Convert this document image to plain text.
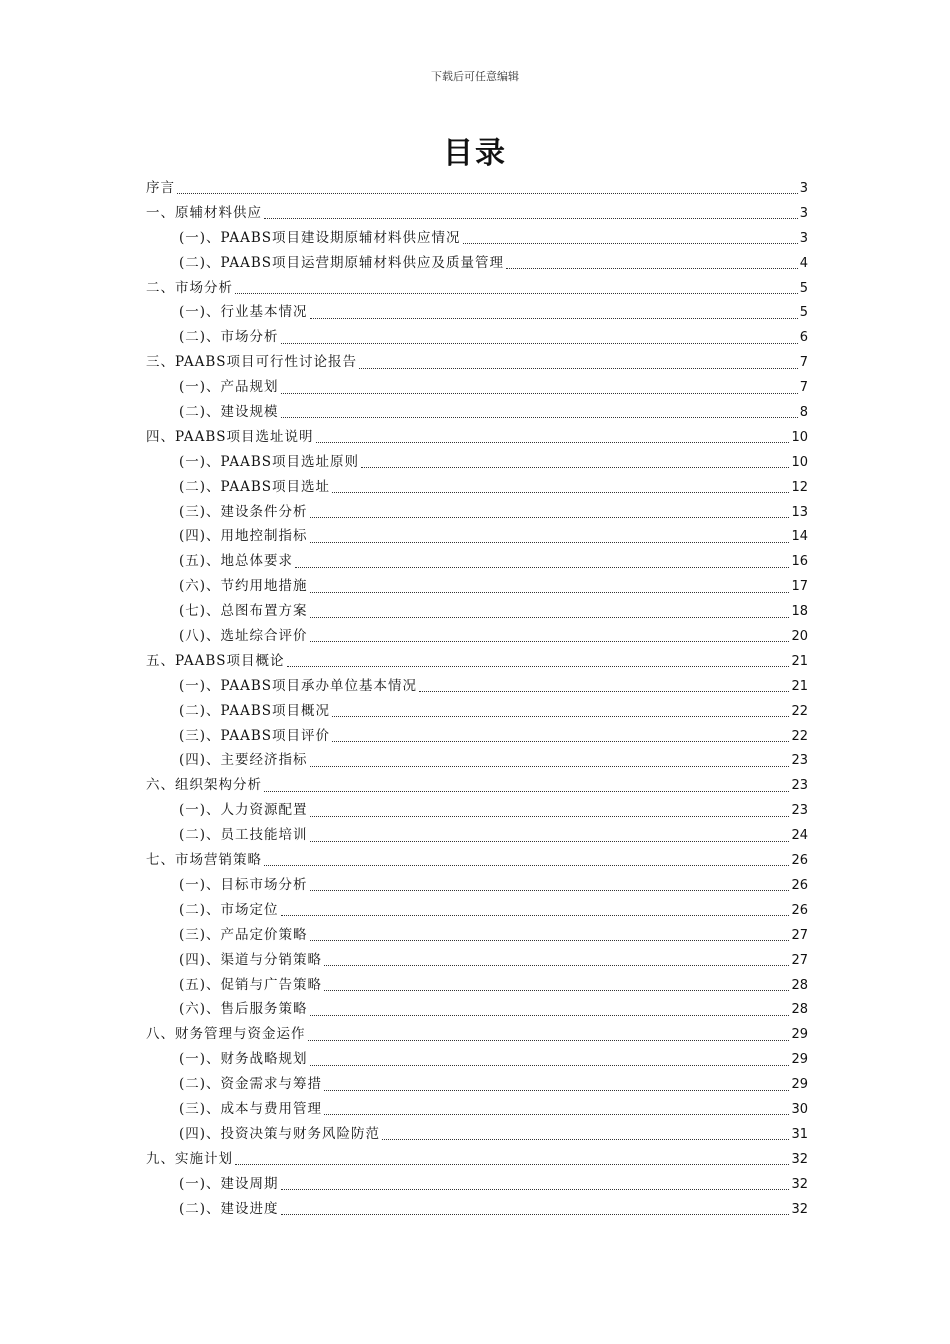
下载后可任意编辑
目录
序言	3
一、原辅材料供应	3
(一)、PAABS项目建设期原辅材料供应情况	3
(二)、PAABS项目运营期原辅材料供应及质量管理	4
二、市场分析	5
(一)、行业基本情况	5
(二)、市场分析	6
三、PAABS项目可行性讨论报告	7
(一)、产品规划	7
(二)、建设规模	8
四、PAABS项目选址说明	10
(一)、PAABS项目选址原则	10
(二)、PAABS项目选址	12
(三)、建设条件分析	13
(四)、用地控制指标	14
(五)、地总体要求	16
(六)、节约用地措施	17
(七)、总图布置方案	18
(八)、选址综合评价	20
五、PAABS项目概论	21
(一)、PAABS项目承办单位基本情况	21
(二)、PAABS项目概况	22
(三)、PAABS项目评价	22
(四)、主要经济指标	23
六、组织架构分析	23
(一)、人力资源配置	23
(二)、员工技能培训	24
七、市场营销策略	26
(一)、目标市场分析	26
(二)、市场定位	26
(三)、产品定价策略	27
(四)、渠道与分销策略	27
(五)、促销与广告策略	28
(六)、售后服务策略	28
八、财务管理与资金运作	29
(一)、财务战略规划	29
(二)、资金需求与筹措	29
(三)、成本与费用管理	30
(四)、投资决策与财务风险防范	31
九、实施计划	32
(一)、建设周期	32
(二)、建设进度	32
